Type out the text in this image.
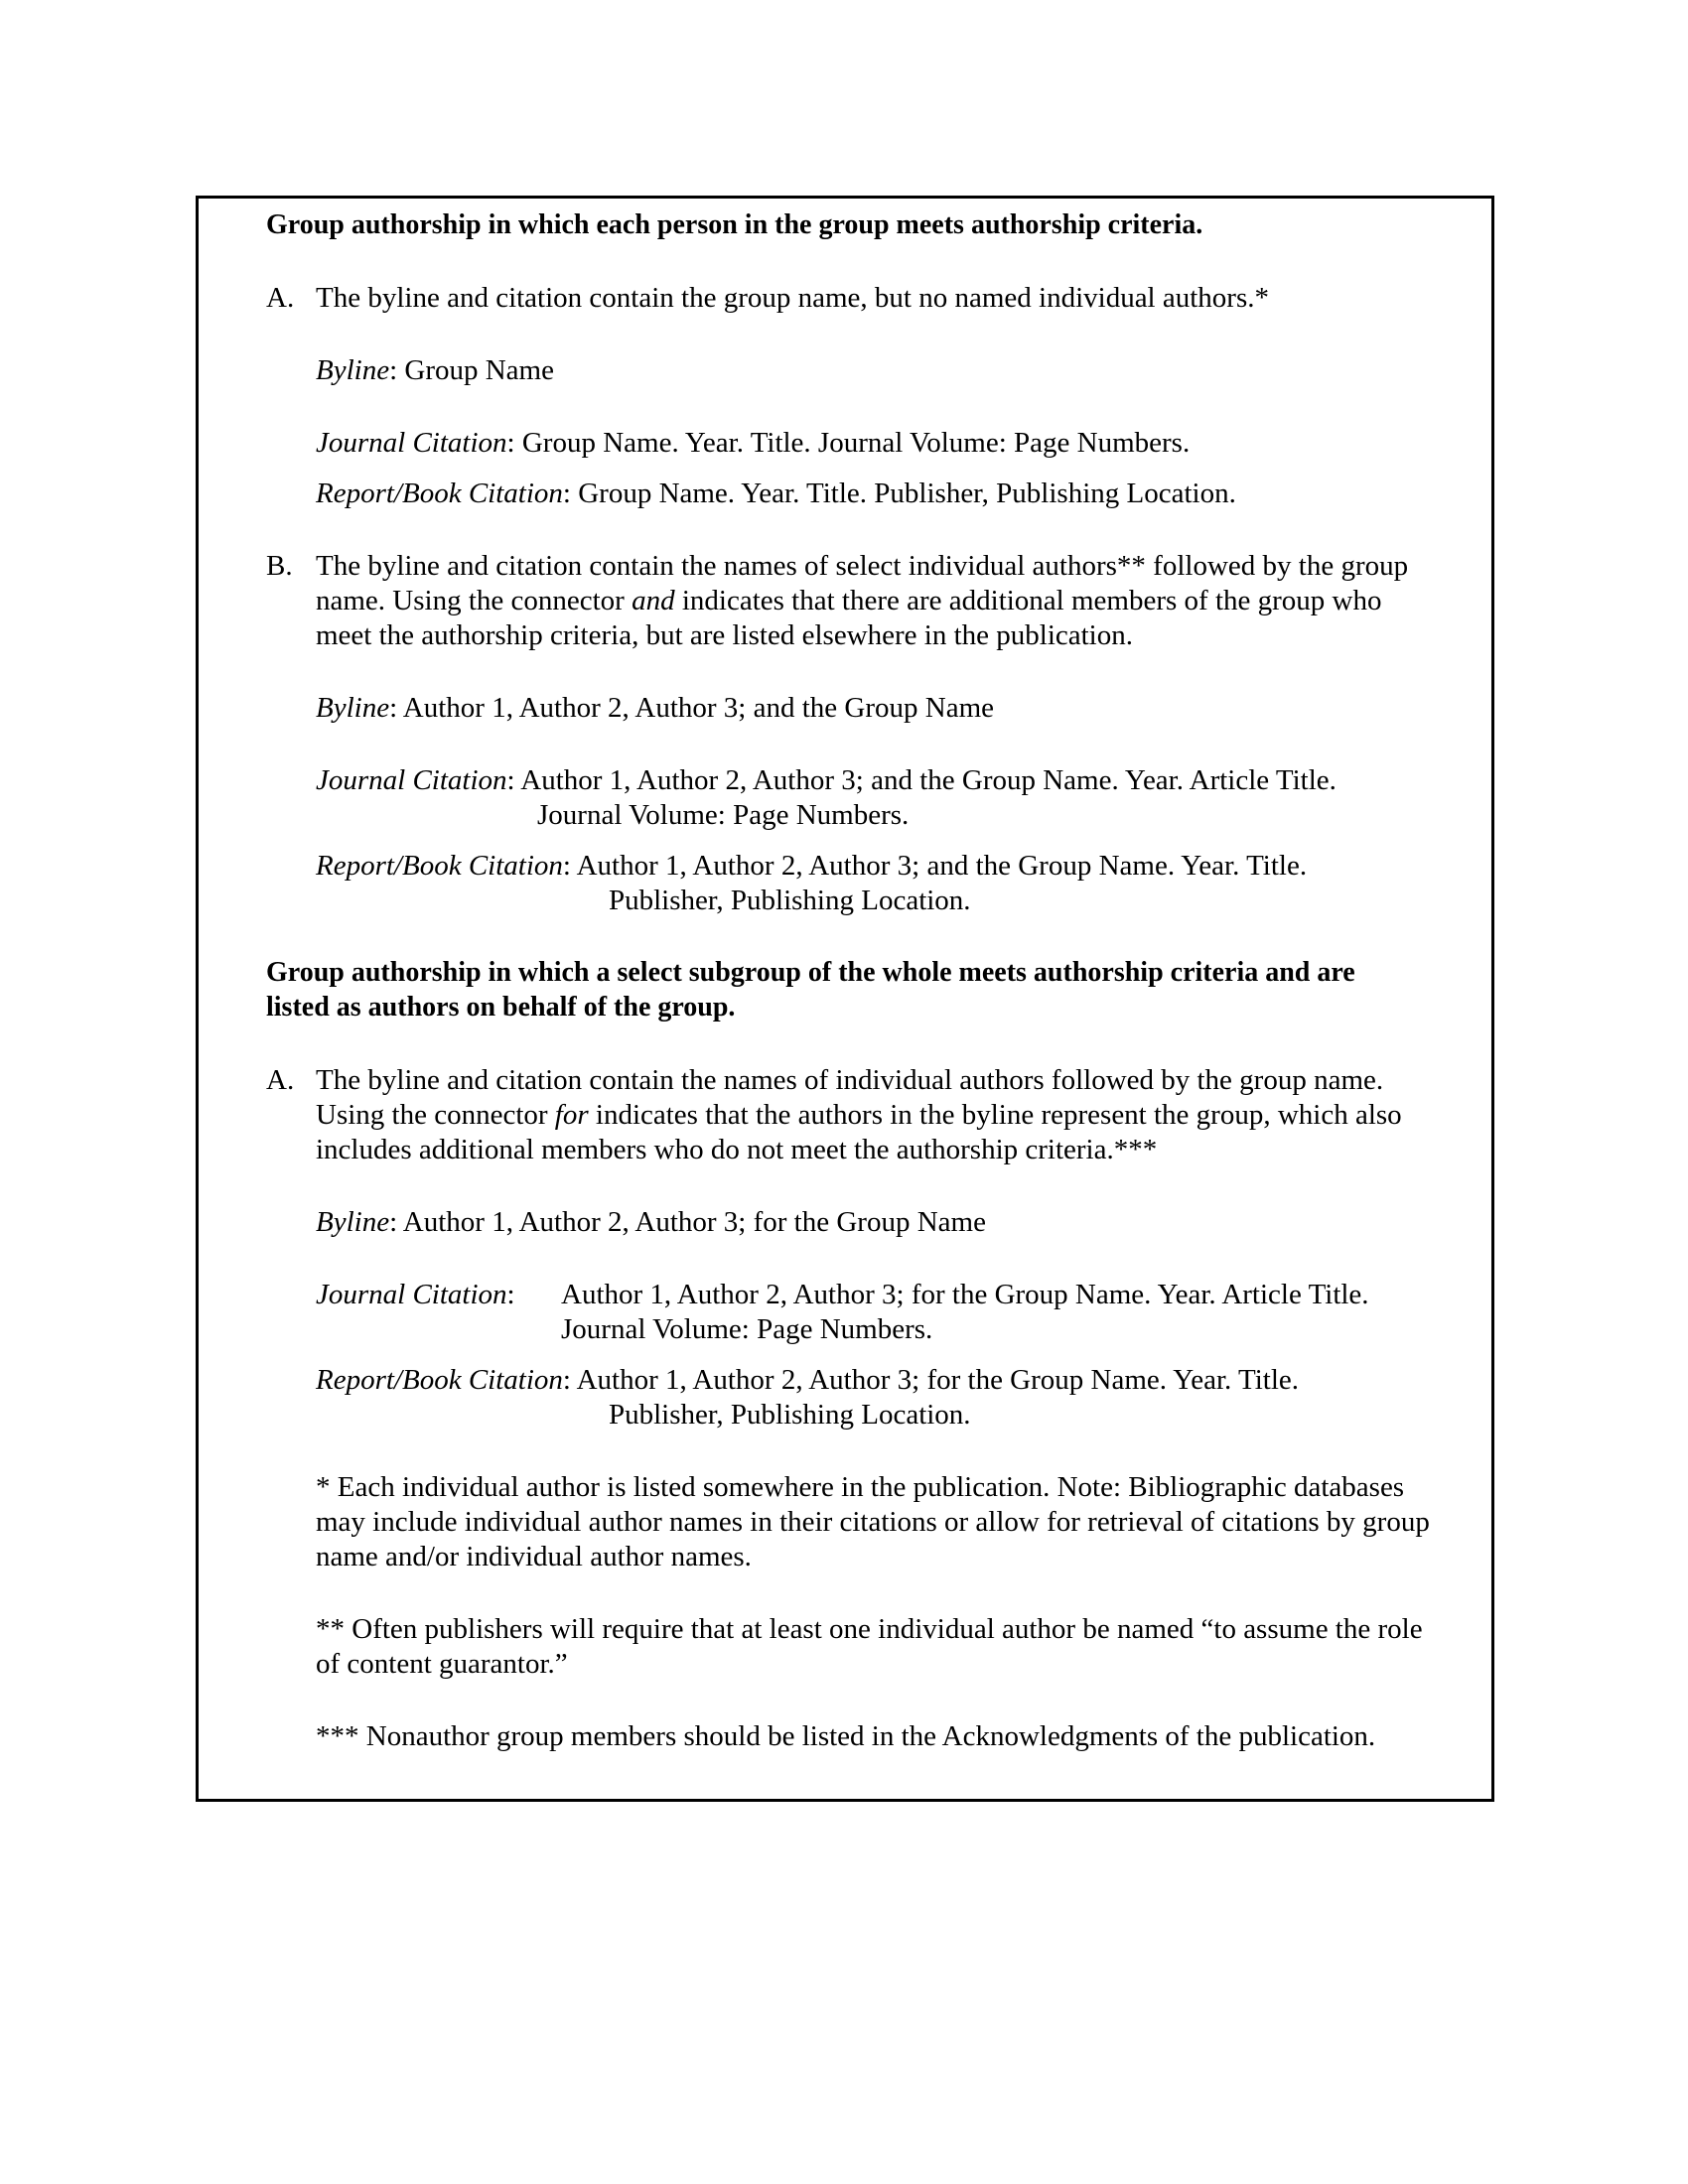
Group authorship in which each person in the group meets authorship criteria.
A. The byline and citation contain the group name, but no named individual authors.*
Byline: Group Name
Journal Citation: Group Name. Year. Title. Journal Volume: Page Numbers.
Report/Book Citation: Group Name. Year. Title. Publisher, Publishing Location.
B. The byline and citation contain the names of select individual authors** followed by the group
name. Using the connector and indicates that there are additional members of the group who
meet the authorship criteria, but are listed elsewhere in the publication.
Byline: Author 1, Author 2, Author 3; and the Group Name
Journal Citation: Author 1, Author 2, Author 3; and the Group Name. Year. Article Title.
Journal Volume: Page Numbers.
Report/Book Citation: Author 1, Author 2, Author 3; and the Group Name. Year. Title.
Publisher, Publishing Location.
Group authorship in which a select subgroup of the whole meets authorship criteria and are
listed as authors on behalf of the group.
A. The byline and citation contain the names of individual authors followed by the group name.
Using the connector for indicates that the authors in the byline represent the group, which also
includes additional members who do not meet the authorship criteria.***
Byline: Author 1, Author 2, Author 3; for the Group Name
Journal Citation: Author 1, Author 2, Author 3; for the Group Name. Year. Article Title.
Journal Volume: Page Numbers.
Report/Book Citation: Author 1, Author 2, Author 3; for the Group Name. Year. Title.
Publisher, Publishing Location.
* Each individual author is listed somewhere in the publication. Note: Bibliographic databases
may include individual author names in their citations or allow for retrieval of citations by group
name and/or individual author names.
** Often publishers will require that at least one individual author be named “to assume the role
of content guarantor.”
*** Nonauthor group members should be listed in the Acknowledgments of the publication.
